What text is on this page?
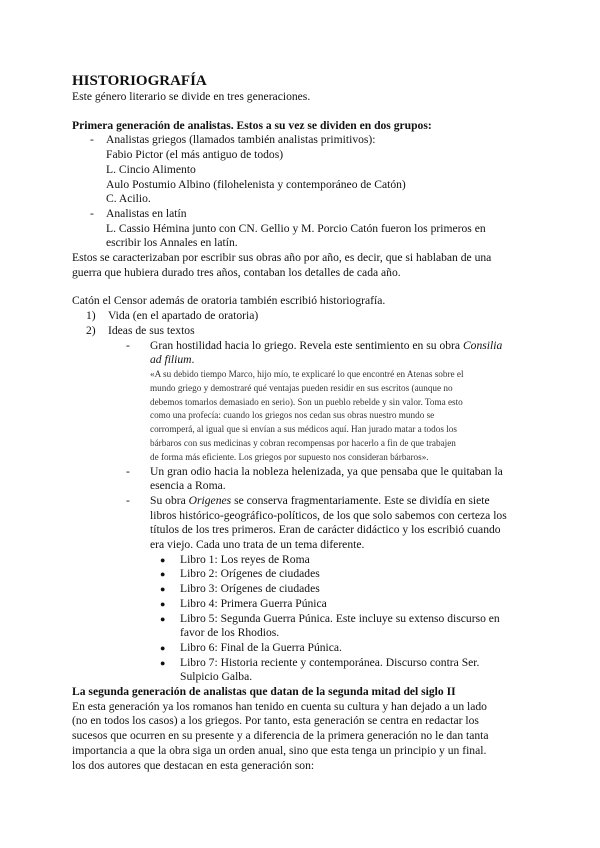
HISTORIOGRAFÍA

Este género literario se divide en tres generaciones.

Primera generación de analistas. Estos a su vez se dividen en dos grupos:

- Analistas griegos (llamados también analistas primitivos):

Fabio Pictor (el más antiguo de todos)

L. Cincio Alimento

Aulo Postumio Albino (filohelenista y contemporáneo de Catón)

C. Acilio.

- Analistas en latín

L. Cassio Hémina junto con CN. Gellio y M. Porcio Catón fueron los primeros en

escribir los Annales en latín.

Estos se caracterizaban por escribir sus obras año por año, es decir, que si hablaban de una

guerra que hubiera durado tres años, contaban los detalles de cada año.

Catón el Censor además de oratoria también escribió historiografía.

1) Vida (en el apartado de oratoria)

2) Ideas de sus textos

- Gran hostilidad hacia lo griego. Revela este sentimiento en su obra Consilia

ad filium.

«A su debido tiempo Marco, hijo mío, te explicaré lo que encontré en Atenas sobre el

mundo griego y demostraré qué ventajas pueden residir en sus escritos (aunque no

debemos tomarlos demasiado en serio). Son un pueblo rebelde y sin valor. Toma esto

como una profecía: cuando los griegos nos cedan sus obras nuestro mundo se

corromperá, al igual que si envían a sus médicos aquí. Han jurado matar a todos los

bárbaros con sus medicinas y cobran recompensas por hacerlo a fin de que trabajen

de forma más eficiente. Los griegos por supuesto nos consideran bárbaros».

- Un gran odio hacia la nobleza helenizada, ya que pensaba que le quitaban la

esencia a Roma.

- Su obra Origenes se conserva fragmentariamente. Este se dividía en siete

libros histórico-geográfico-políticos, de los que solo sabemos con certeza los

títulos de los tres primeros. Eran de carácter didáctico y los escribió cuando

era viejo. Cada uno trata de un tema diferente.

● Libro 1: Los reyes de Roma

● Libro 2: Orígenes de ciudades

● Libro 3: Orígenes de ciudades

● Libro 4: Primera Guerra Púnica

● Libro 5: Segunda Guerra Púnica. Este incluye su extenso discurso en

favor de los Rhodios.

● Libro 6: Final de la Guerra Púnica.

● Libro 7: Historia reciente y contemporánea. Discurso contra Ser.

Sulpicio Galba.

La segunda generación de analistas que datan de la segunda mitad del siglo II

En esta generación ya los romanos han tenido en cuenta su cultura y han dejado a un lado

(no en todos los casos) a los griegos. Por tanto, esta generación se centra en redactar los

sucesos que ocurren en su presente y a diferencia de la primera generación no le dan tanta

importancia a que la obra siga un orden anual, sino que esta tenga un principio y un final.

los dos autores que destacan en esta generación son:
